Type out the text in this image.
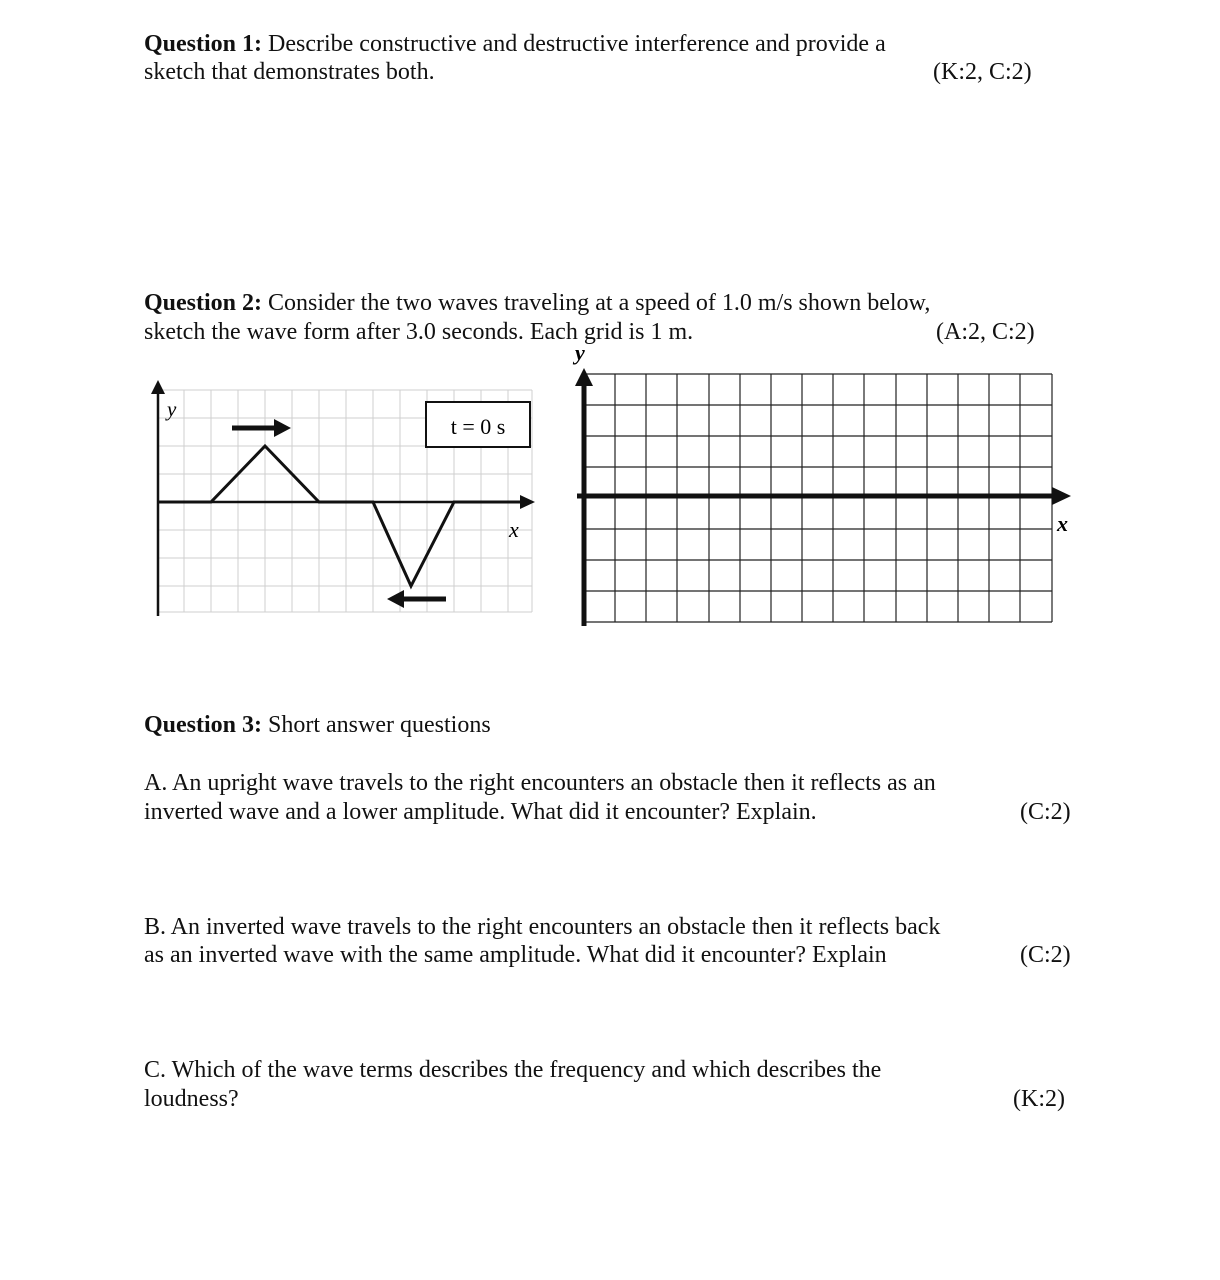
Question 1: Describe constructive and destructive interference and provide a
sketch that demonstrates both.	(K:2, C:2)
Question 2: Consider the two waves traveling at a speed of 1.0 m/s shown below,
sketch the wave form after 3.0 seconds. Each grid is 1 m.	(A:2, C:2)
t = 0 s
y
x
y
x
Question 3: Short answer questions
A. An upright wave travels to the right encounters an obstacle then it reflects as an
inverted wave and a lower amplitude. What did it encounter? Explain.	(C:2)
B. An inverted wave travels to the right encounters an obstacle then it reflects back
as an inverted wave with the same amplitude. What did it encounter? Explain	(C:2)
C. Which of the wave terms describes the frequency and which describes the
loudness?	(K:2)
